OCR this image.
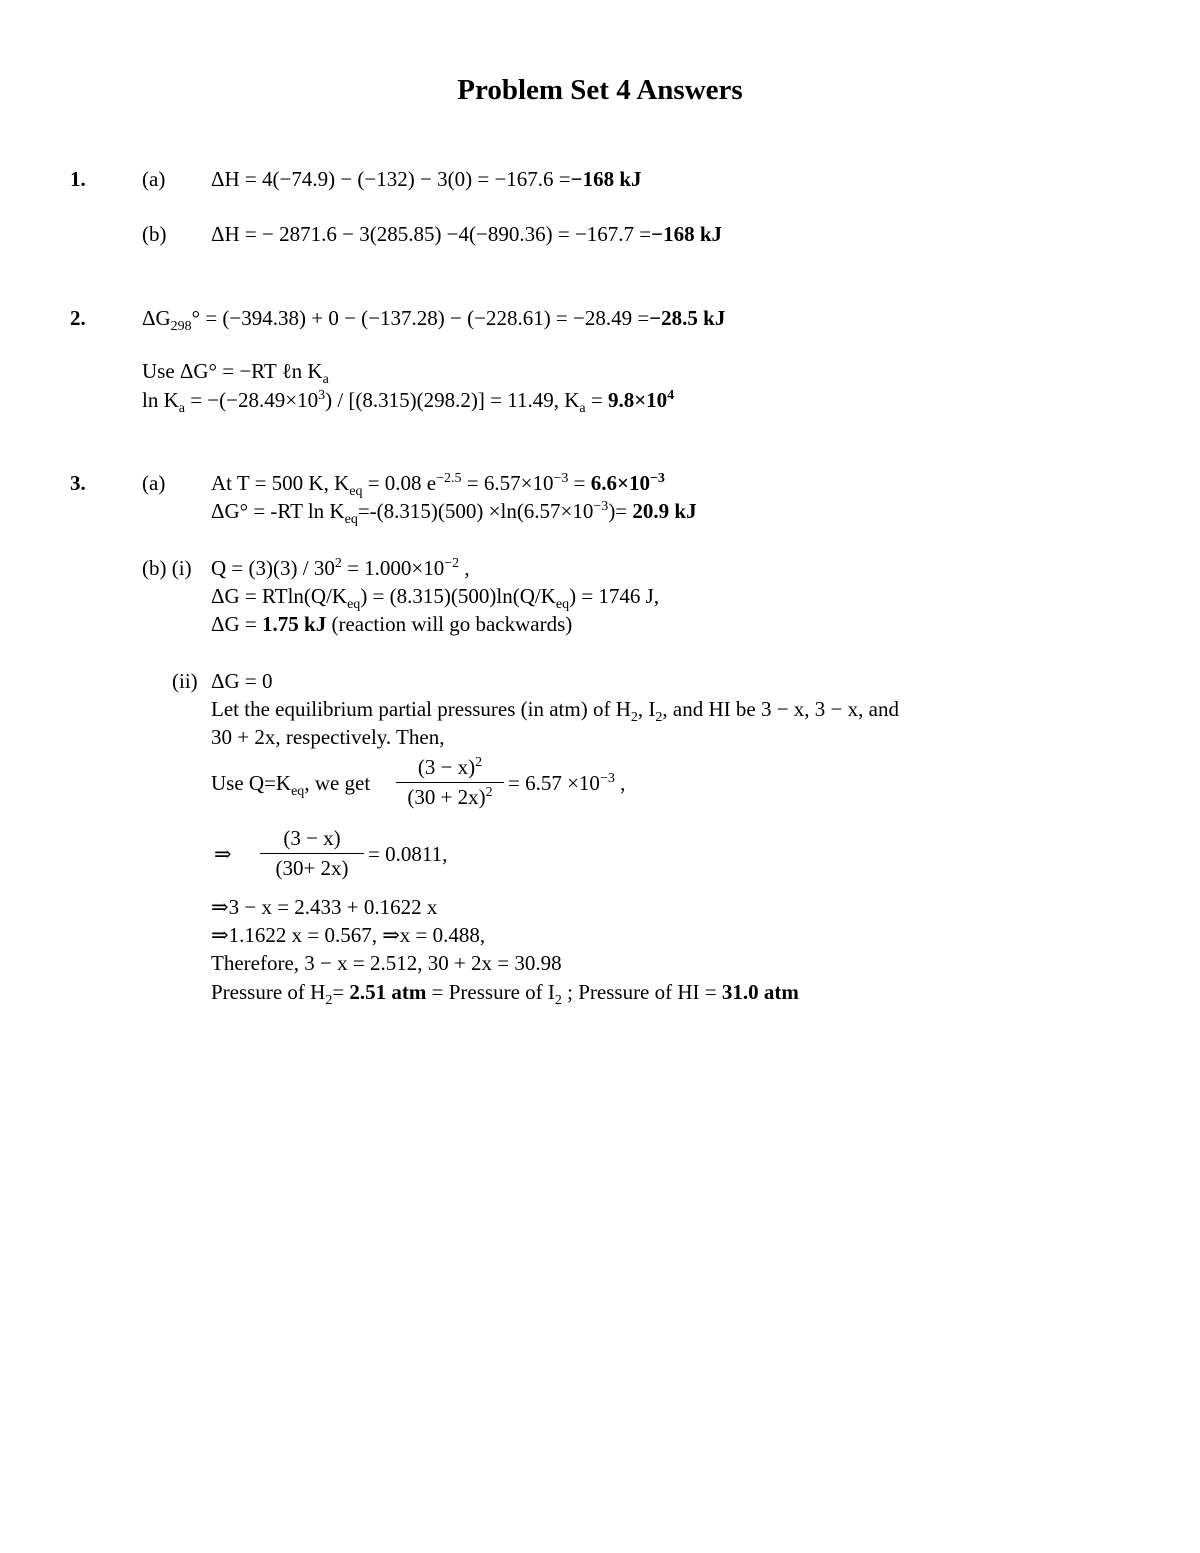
Problem Set 4 Answers
1.	(a) ΔH = 4(−74.9) − (−132) − 3(0) = −167.6 =−168 kJ
(b) ΔH = − 2871.6 − 3(285.85) −4(−890.36) = −167.7 =−168 kJ
2.	$\Delta G_{298}^\circ = (-394.38) + 0 - (-137.28) - (-228.61) = -28.49 =-28.5$ kJ
Use ΔG° = −RT ℓn $K_a$
$\ln K_a = -(-28.49\times 10^3) / [(8.315)(298.2)] = 11.49$, $K_a = 9.8\times 10^4$
3.	(a) At T = 500 K, $K_{eq} = 0.08$ $e^{-2.5} = 6.57\times 10^{-3} = 6.6\times 10^{-3}$
ΔG° = -RT $\ln K_{eq}=-(8.315)(500) \times\ln(6.57\times 10^{-3})= 20.9$ kJ
(b) (i) $Q = (3)(3) / 30^2 = 1.000\times 10^{-2}$ ,
$\Delta G = RTln(Q/K_{eq}) = (8.315)(500)\ln(Q/K_{eq}) = 1746$ J,
ΔG = 1.75 kJ (reaction will go backwards)
(ii) ΔG = 0
Let the equilibrium partial pressures (in atm) of $H_2$, $I_2$, and HI be 3 − x, 3 − x, and
30 + 2x, respectively. Then,
Use $Q=K_{eq}$, we get
$(3 - x)^2$
$(30 + 2x)^2 = 6.57 \times 10^{-3}$ ,
⇒
(3 − x)
(30+ 2x)
= 0.0811,
⇒3 − x = 2.433 + 0.1622 x
⇒1.1622 x = 0.567, ⇒x = 0.488,
Therefore, 3 − x = 2.512, 30 + 2x = 30.98
Pressure of $H_2= 2.51$ atm = Pressure of $I_2$ ; Pressure of HI = 31.0 atm
